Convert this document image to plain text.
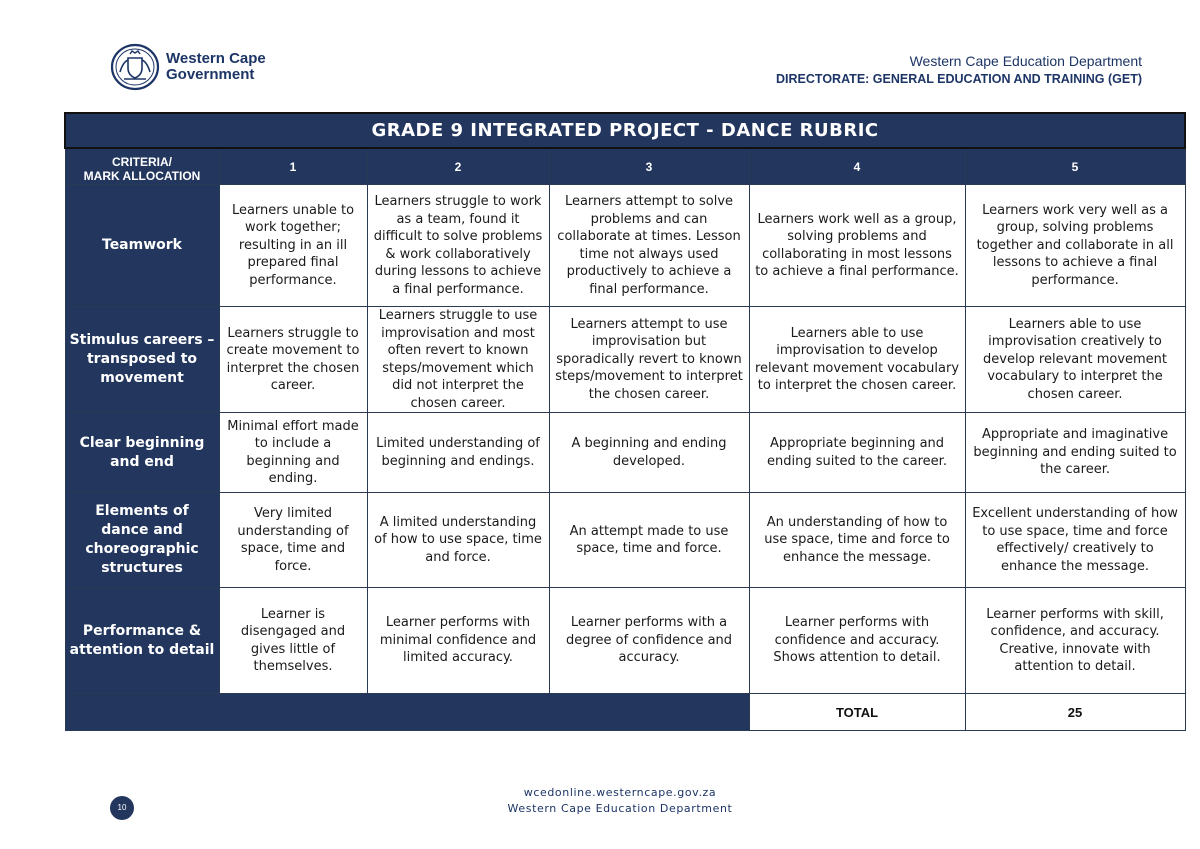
Western Cape
Government
Western Cape Education Department
DIRECTORATE: GENERAL EDUCATION AND TRAINING (GET)
GRADE 9 INTEGRATED PROJECT - DANCE RUBRIC					
CRITERIA/
MARK ALLOCATION	1	2	3	4	5
Teamwork	Learners unable to work together; resulting in an ill prepared final performance.	Learners struggle to work as a team, found it difficult to solve problems & work collaboratively during lessons to achieve a final performance.	Learners attempt to solve problems and can collaborate at times. Lesson time not always used productively to achieve a final performance.	Learners work well as a group, solving problems and collaborating in most lessons to achieve a final performance.	Learners work very well as a group, solving problems together and collaborate in all lessons to achieve a final performance.
Stimulus careers – transposed to movement	Learners struggle to create movement to interpret the chosen career.	Learners struggle to use improvisation and most often revert to known steps/movement which did not interpret the chosen career.	Learners attempt to use improvisation but sporadically revert to known steps/movement to interpret the chosen career.	Learners able to use improvisation to develop relevant movement vocabulary to interpret the chosen career.	Learners able to use improvisation creatively to develop relevant movement vocabulary to interpret the chosen career.
Clear beginning and end	Minimal effort made to include a beginning and ending.	Limited understanding of beginning and endings.	A beginning and ending developed.	Appropriate beginning and ending suited to the career.	Appropriate and imaginative beginning and ending suited to the career.
Elements of dance and choreographic structures	Very limited understanding of space, time and force.	A limited understanding of how to use space, time and force.	An attempt made to use space, time and force.	An understanding of how to use space, time and force to enhance the message.	Excellent understanding of how to use space, time and force effectively/ creatively to enhance the message.
Performance & attention to detail	Learner is disengaged and gives little of themselves.	Learner performs with minimal confidence and limited accuracy.	Learner performs with a degree of confidence and accuracy.	Learner performs with confidence and accuracy. Shows attention to detail.	Learner performs with skill, confidence, and accuracy. Creative, innovate with attention to detail.
				TOTAL	25
wcedonline.westerncape.gov.za
Western Cape Education Department
10
